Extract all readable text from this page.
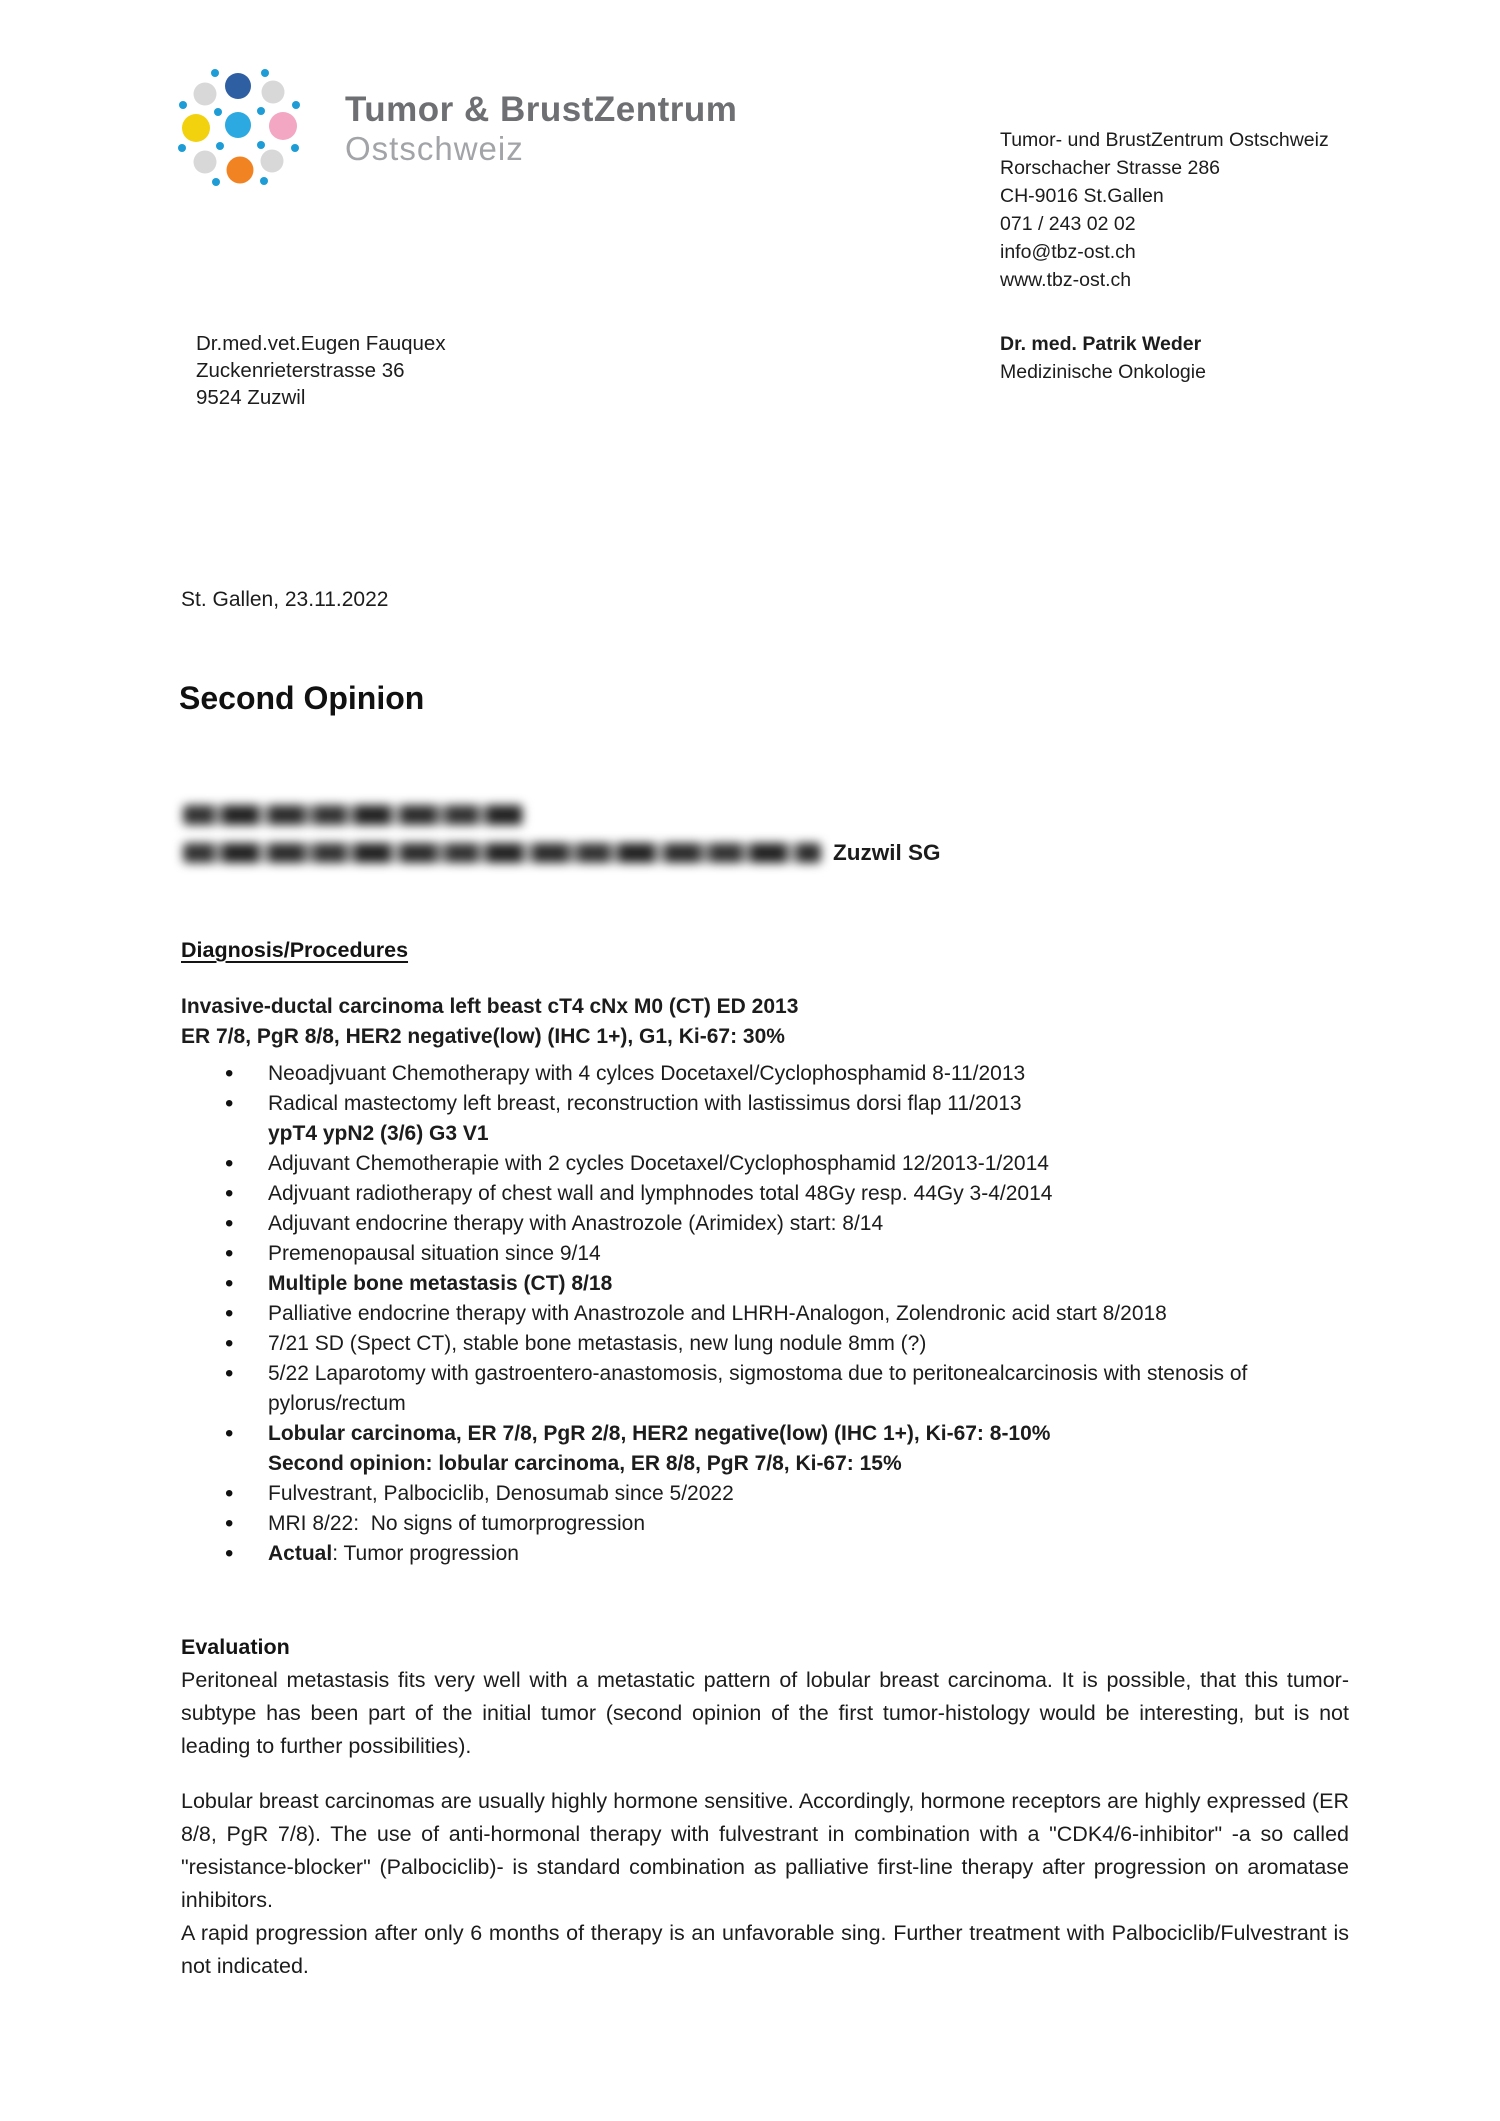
Tumor & BrustZentrum
Ostschweiz	Tumor- und BrustZentrum Ostschweiz
Rorschacher Strasse 286
CH-9016 St.Gallen
071 / 243 02 02
info@tbz-ost.ch
www.tbz-ost.ch
Dr.med.vet.Eugen Fauquex
Zuckenrieterstrasse 36
9524 Zuzwil
Dr. med. Patrik Weder
Medizinische Onkologie
St. Gallen, 23.11.2022
Second Opinion
Zuzwil SG
Diagnosis/Procedures
Invasive-ductal carcinoma left beast cT4 cNx M0 (CT) ED 2013
ER 7/8, PgR 8/8, HER2 negative(low) (IHC 1+), G1, Ki-67: 30%
• Neoadjvuant Chemotherapy with 4 cylces Docetaxel/Cyclophosphamid 8-11/2013
• Radical mastectomy left breast, reconstruction with lastissimus dorsi flap 11/2013
ypT4 ypN2 (3/6) G3 V1
• Adjuvant Chemotherapie with 2 cycles Docetaxel/Cyclophosphamid 12/2013-1/2014
• Adjvuant radiotherapy of chest wall and lymphnodes total 48Gy resp. 44Gy 3-4/2014
• Adjuvant endocrine therapy with Anastrozole (Arimidex) start: 8/14
• Premenopausal situation since 9/14
• Multiple bone metastasis (CT) 8/18
• Palliative endocrine therapy with Anastrozole and LHRH-Analogon, Zolendronic acid start 8/2018
• 7/21 SD (Spect CT), stable bone metastasis, new lung nodule 8mm (?)
• 5/22 Laparotomy with gastroentero-anastomosis, sigmostoma due to peritonealcarcinosis with stenosis of pylorus/rectum
• Lobular carcinoma, ER 7/8, PgR 2/8, HER2 negative(low) (IHC 1+), Ki-67: 8-10%
Second opinion: lobular carcinoma, ER 8/8, PgR 7/8, Ki-67: 15%
• Fulvestrant, Palbociclib, Denosumab since 5/2022
• MRI 8/22:  No signs of tumorprogression
• Actual: Tumor progression
Evaluation

Peritoneal metastasis fits very well with a metastatic pattern of lobular breast carcinoma. It is possible, that this tumor-subtype has been part of the initial tumor (second opinion of the first tumor-histology would be interesting, but is not leading to further possibilities).

Lobular breast carcinomas are usually highly hormone sensitive. Accordingly, hormone receptors are highly expressed (ER 8/8, PgR 7/8). The use of anti-hormonal therapy with fulvestrant in combination with a "CDK4/6-inhibitor" -a so called "resistance-blocker" (Palbociclib)- is standard combination as palliative first-line therapy after progression on aromatase inhibitors.

A rapid progression after only 6 months of therapy is an unfavorable sing. Further treatment with Palbociclib/Fulvestrant is not indicated.
